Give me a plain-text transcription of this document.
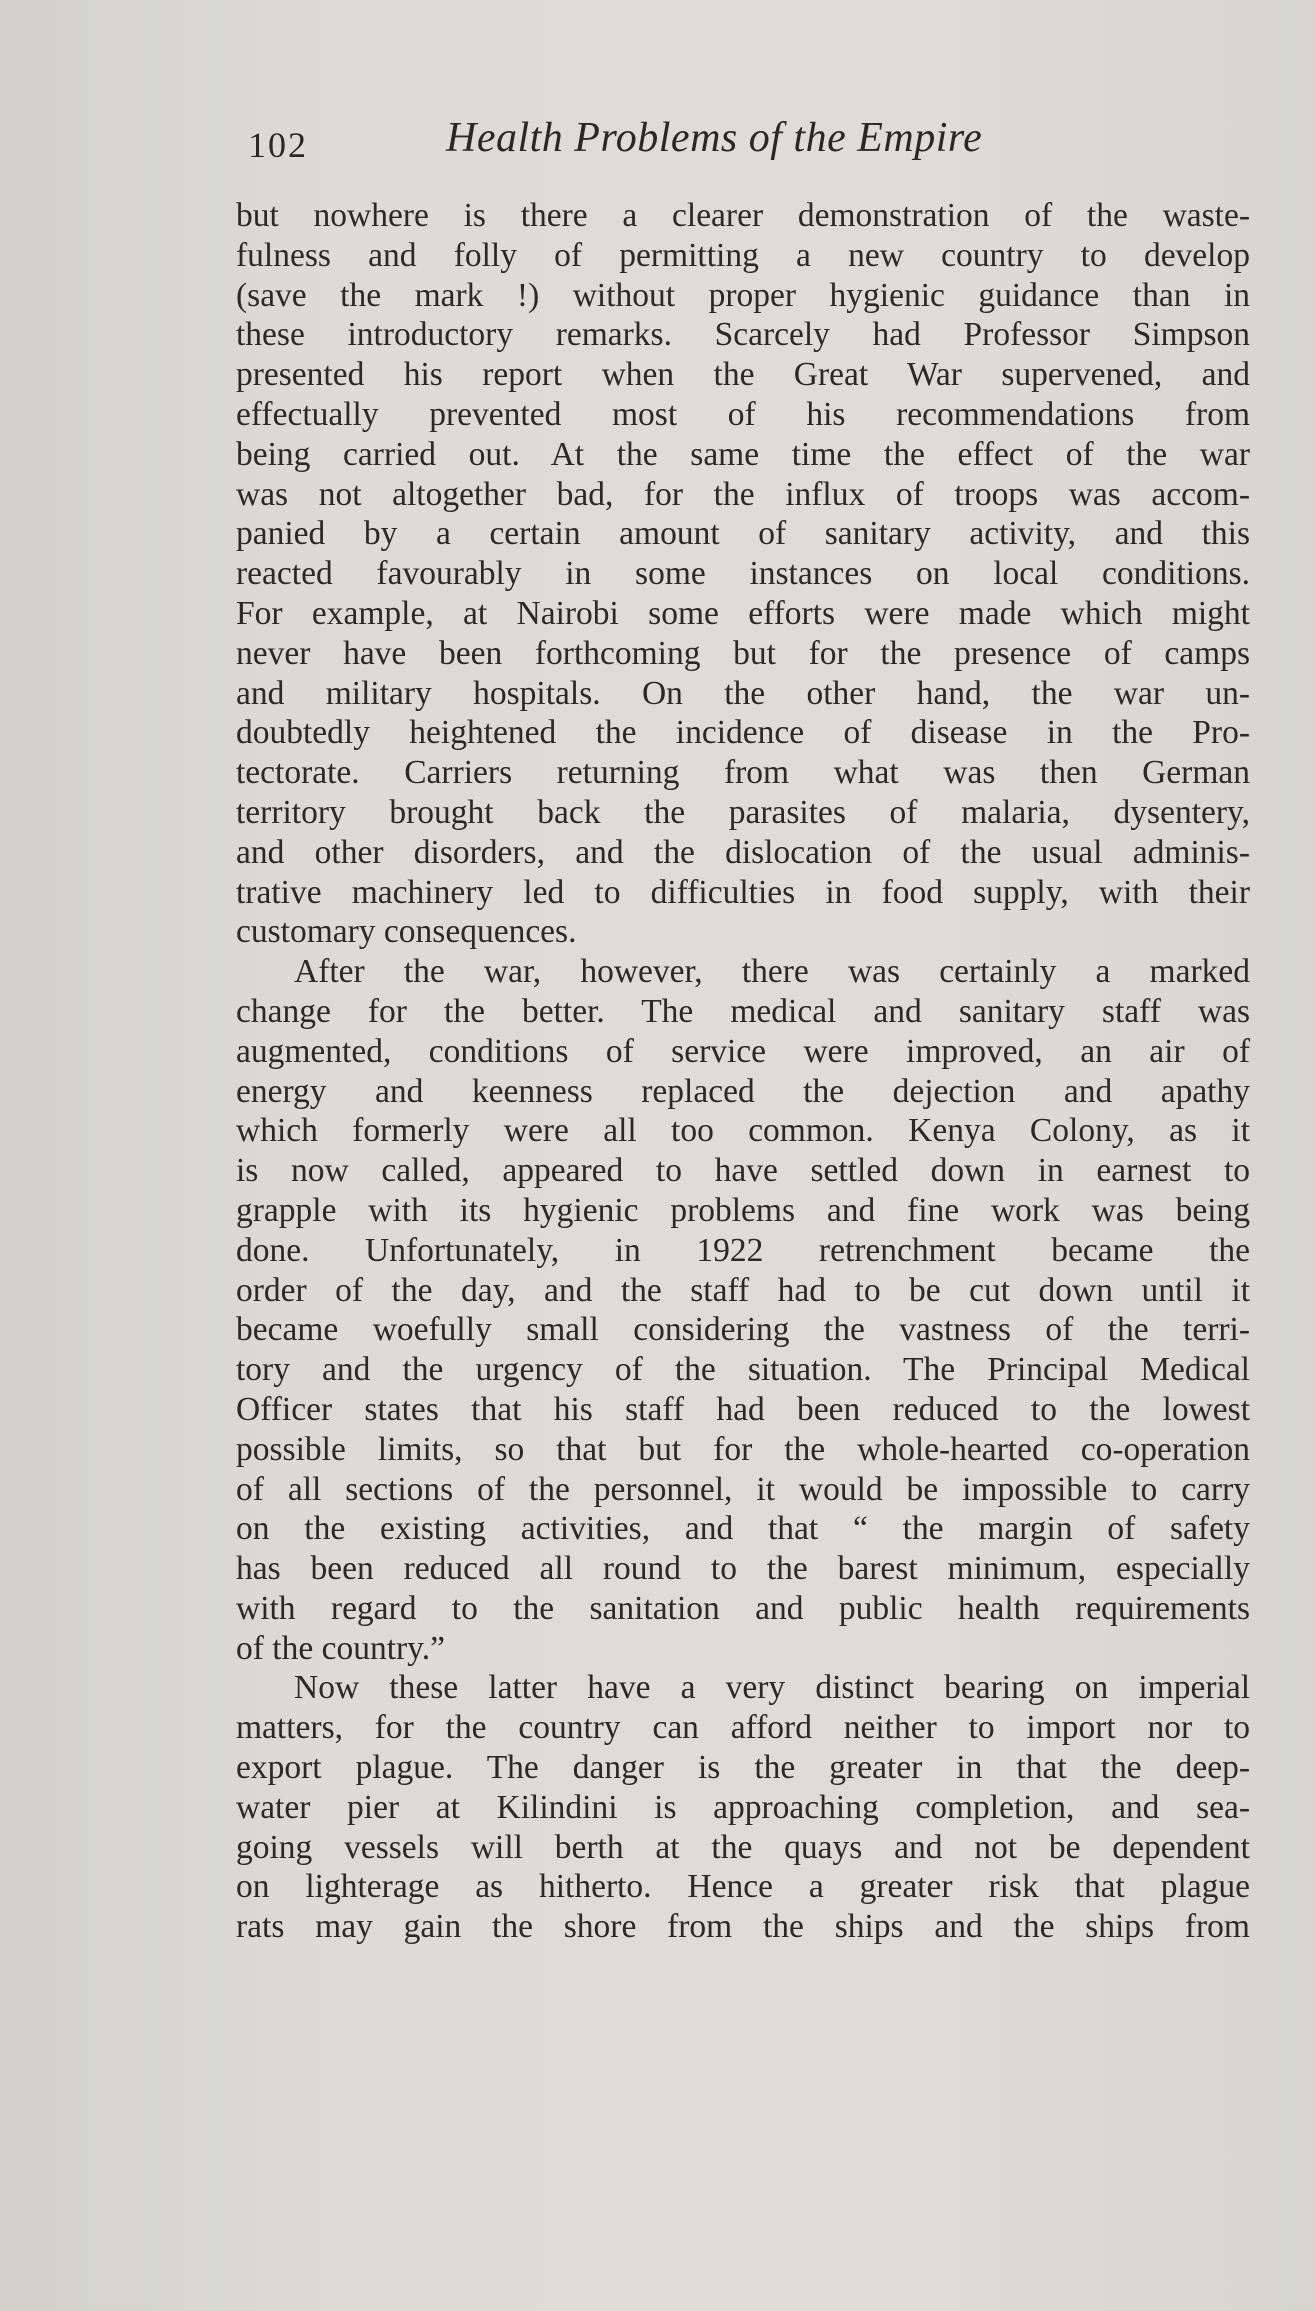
102	Health Problems of the Empire
but nowhere is there a clearer demonstration of the waste-
fulness and folly of permitting a new country to develop
(save the mark !) without proper hygienic guidance than in
these introductory remarks. Scarcely had Professor Simpson
presented his report when the Great War supervened, and
effectually prevented most of his recommendations from
being carried out. At the same time the effect of the war
was not altogether bad, for the influx of troops was accom-
panied by a certain amount of sanitary activity, and this
reacted favourably in some instances on local conditions.
For example, at Nairobi some efforts were made which might
never have been forthcoming but for the presence of camps
and military hospitals. On the other hand, the war un-
doubtedly heightened the incidence of disease in the Pro-
tectorate. Carriers returning from what was then German
territory brought back the parasites of malaria, dysentery,
and other disorders, and the dislocation of the usual adminis-
trative machinery led to difficulties in food supply, with their
customary consequences.
After the war, however, there was certainly a marked
change for the better. The medical and sanitary staff was
augmented, conditions of service were improved, an air of
energy and keenness replaced the dejection and apathy
which formerly were all too common. Kenya Colony, as it
is now called, appeared to have settled down in earnest to
grapple with its hygienic problems and fine work was being
done. Unfortunately, in 1922 retrenchment became the
order of the day, and the staff had to be cut down until it
became woefully small considering the vastness of the terri-
tory and the urgency of the situation. The Principal Medical
Officer states that his staff had been reduced to the lowest
possible limits, so that but for the whole-hearted co-operation
of all sections of the personnel, it would be impossible to carry
on the existing activities, and that “ the margin of safety
has been reduced all round to the barest minimum, especially
with regard to the sanitation and public health requirements
of the country.”
Now these latter have a very distinct bearing on imperial
matters, for the country can afford neither to import nor to
export plague. The danger is the greater in that the deep-
water pier at Kilindini is approaching completion, and sea-
going vessels will berth at the quays and not be dependent
on lighterage as hitherto. Hence a greater risk that plague
rats may gain the shore from the ships and the ships from
